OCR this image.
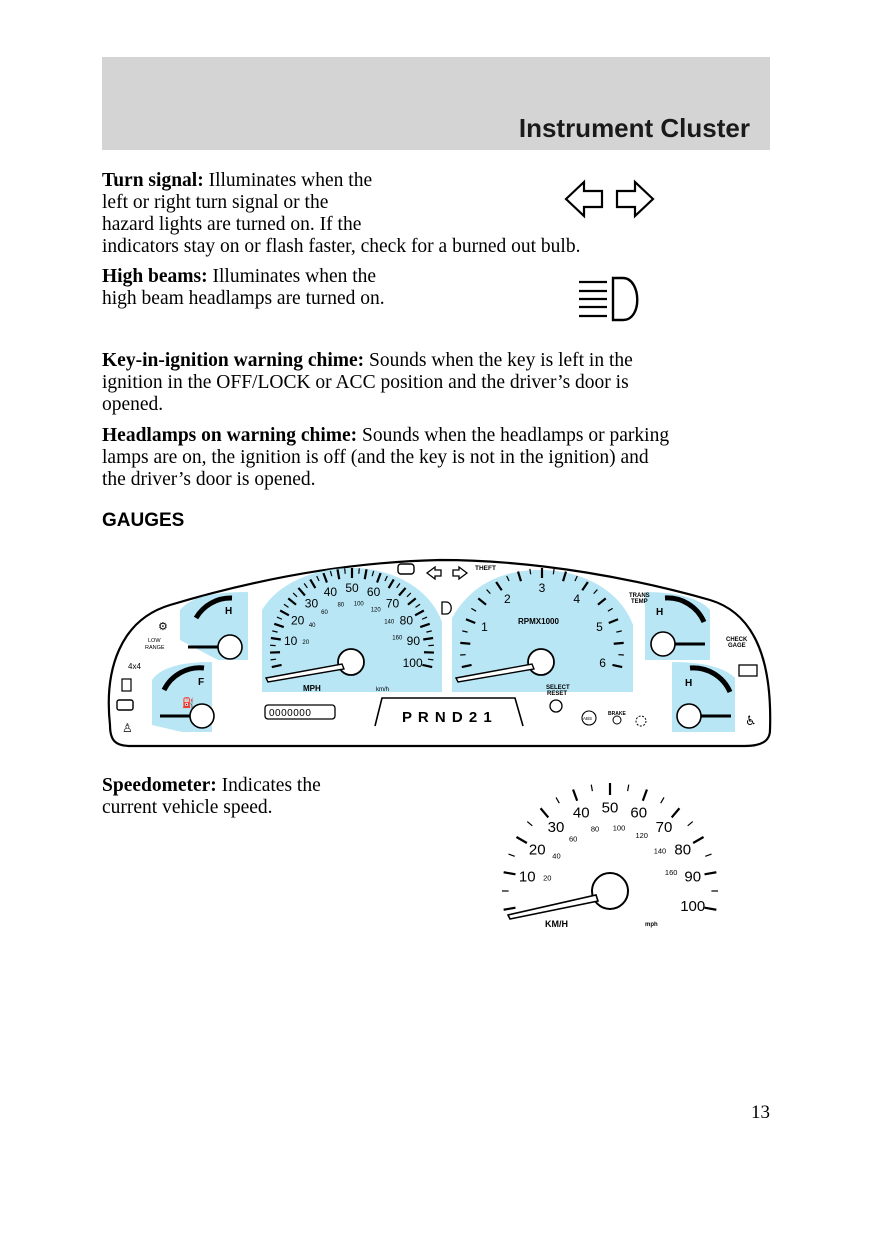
Instrument Cluster

Turn signal: Illuminates when the
left or right turn signal or the
hazard lights are turned on. If the
indicators stay on or flash faster, check for a burned out bulb.

High beams: Illuminates when the
high beam headlamps are turned on.

Key-in-ignition warning chime: Sounds when the key is left in the
ignition in the OFF/LOCK or ACC position and the driver’s door is
opened.

Headlamps on warning chime: Sounds when the headlamps or parking
lamps are on, the ignition is off (and the key is not in the ignition) and
the driver’s door is opened.

GAUGES
10
20
30
40 50 60
70
80
90
100
20
40
60
80 100
120
140
160
MPH	km/h
1
2
3
4
5
6
RPMX1000
H
F
⛽
H
TRANS
TEMP
H
LOW
RANGE
4x4
♙
⚙
CHECK
GAGE
♿
THEFT
0000000	P R N D 2 1
SELECT
RESET
ABS
BRAKE

Speedometer: Indicates the
current vehicle speed.

10
20
30
40 50 60
70
80
90
100
20
40
60
80 100
120
140
160
KM/H	mph
13
